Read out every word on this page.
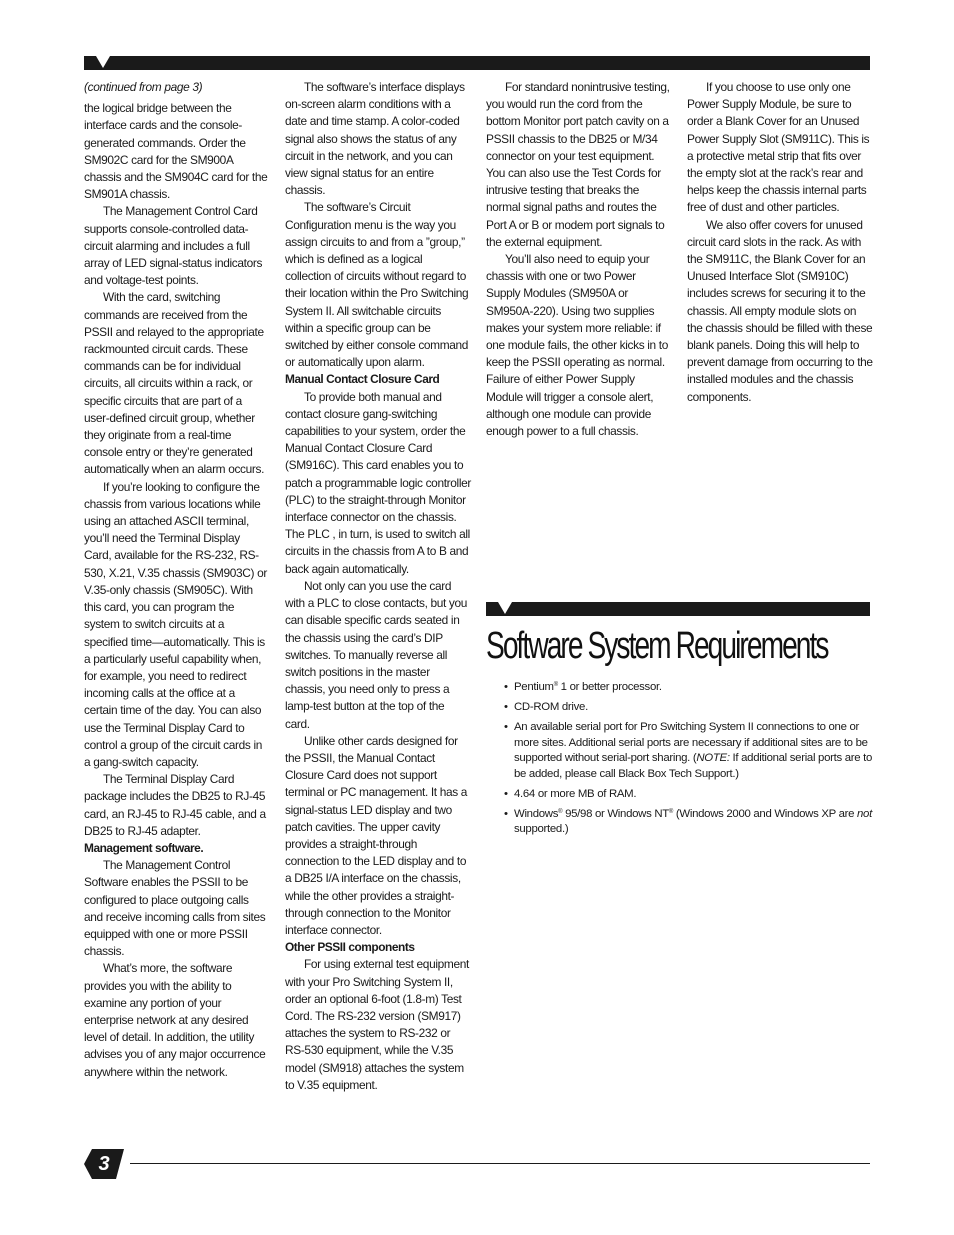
(continued from page 3)

the logical bridge between the interface cards and the console-generated commands. Order the SM902C card for the SM900A chassis and the SM904C card for the SM901A chassis.

The Management Control Card supports console-controlled data-circuit alarming and includes a full array of LED signal-status indicators and voltage-test points.

With the card, switching commands are received from the PSSII and relayed to the appropriate rackmounted circuit cards. These commands can be for individual circuits, all circuits within a rack, or specific circuits that are part of a user-defined circuit group, whether they originate from a real-time console entry or they’re generated automatically when an alarm occurs.

If you’re looking to configure the chassis from various locations while using an attached ASCII terminal, you’ll need the Terminal Display Card, available for the RS-232, RS-530, X.21, V.35 chassis (SM903C) or V.35-only chassis (SM905C). With this card, you can program the system to switch circuits at a specified time—automatically. This is a particularly useful capability when, for example, you need to redirect incoming calls at the office at a certain time of the day. You can also use the Terminal Display Card to control a group of the circuit cards in a gang-switch capacity.

The Terminal Display Card package includes the DB25 to RJ-45 card, an RJ-45 to RJ-45 cable, and a DB25 to RJ-45 adapter.

Management software.

The Management Control Software enables the PSSII to be configured to place outgoing calls and receive incoming calls from sites equipped with one or more PSSII chassis.

What’s more, the software provides you with the ability to examine any portion of your enterprise network at any desired level of detail. In addition, the utility advises you of any major occurrence anywhere within the network.

The software’s interface displays on-screen alarm conditions with a date and time stamp. A color-coded signal also shows the status of any circuit in the network, and you can view signal status for an entire chassis.

The software’s Circuit Configuration menu is the way you assign circuits to and from a ”group,” which is defined as a logical collection of circuits without regard to their location within the Pro Switching System II. All switchable circuits within a specific group can be switched by either console command or automatically upon alarm.

Manual Contact Closure Card

To provide both manual and contact closure gang-switching capabilities to your system, order the Manual Contact Closure Card (SM916C). This card enables you to patch a programmable logic controller (PLC) to the straight-through Monitor interface connector on the chassis. The PLC , in turn, is used to switch all circuits in the chassis from A to B and back again automatically.

Not only can you use the card with a PLC to close contacts, but you can disable specific cards seated in the chassis using the card’s DIP switches. To manually reverse all switch positions in the master chassis, you need only to press a lamp-test button at the top of the card.

Unlike other cards designed for the PSSII, the Manual Contact Closure Card does not support terminal or PC management. It has a signal-status LED display and two patch cavities. The upper cavity provides a straight-through connection to the LED display and to a DB25 I/A interface on the chassis, while the other provides a straight-through connection to the Monitor interface connector.

Other PSSII components

For using external test equipment with your Pro Switching System II, order an optional 6-foot (1.8-m) Test Cord. The RS-232 version (SM917) attaches the system to RS-232 or RS-530 equipment, while the V.35 model (SM918) attaches the system to V.35 equipment.

For standard nonintrusive testing, you would run the cord from the bottom Monitor port patch cavity on a PSSII chassis to the DB25 or M/34 connector on your test equipment. You can also use the Test Cords for intrusive testing that breaks the normal signal paths and routes the Port A or B or modem port signals to the external equipment.

You’ll also need to equip your chassis with one or two Power Supply Modules (SM950A or SM950A-220). Using two supplies makes your system more reliable: if one module fails, the other kicks in to keep the PSSII operating as normal. Failure of either Power Supply Module will trigger a console alert, although one module can provide enough power to a full chassis.

If you choose to use only one Power Supply Module, be sure to order a Blank Cover for an Unused Power Supply Slot (SM911C). This is a protective metal strip that fits over the empty slot at the rack’s rear and helps keep the chassis internal parts free of dust and other particles.

We also offer covers for unused circuit card slots in the rack. As with the SM911C, the Blank Cover for an Unused Interface Slot (SM910C) includes screws for securing it to the chassis. All empty module slots on the chassis should be filled with these blank panels. Doing this will help to prevent damage from occurring to the installed modules and the chassis components.

Software System Requirements
• Pentium® 1 or better processor.
• CD-ROM drive.
• An available serial port for Pro Switching System II connections to one or more sites. Additional serial ports are necessary if additional sites are to be supported without serial-port sharing. (NOTE: If additional serial ports are to be added, please call Black Box Tech Support.)
• 4.64 or more MB of RAM.
• Windows® 95/98 or Windows NT® (Windows 2000 and Windows XP are not supported.)
3
